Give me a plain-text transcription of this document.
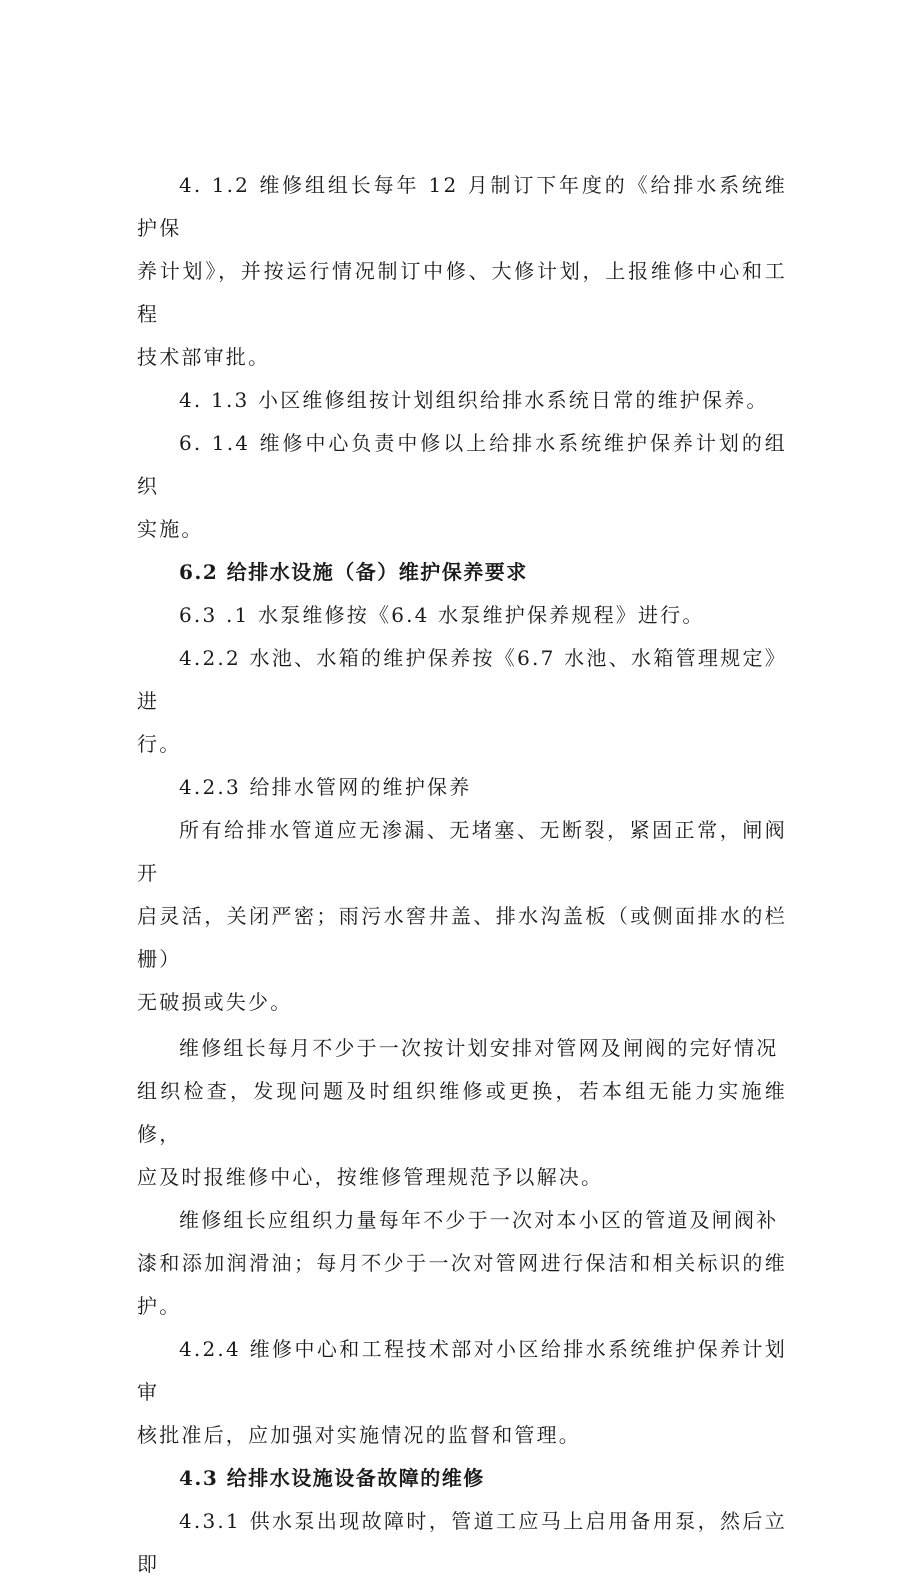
4. 1.2 维修组组长每年 12 月制订下年度的《给排水系统维护保
养计划》，并按运行情况制订中修、大修计划，上报维修中心和工程
技术部审批。

4. 1.3 小区维修组按计划组织给排水系统日常的维护保养。

6. 1.4 维修中心负责中修以上给排水系统维护保养计划的组织
实施。

6.2 给排水设施（备）维护保养要求

6.3 .1 水泵维修按《6.4 水泵维护保养规程》进行。

4.2.2 水池、水箱的维护保养按《6.7 水池、水箱管理规定》进
行。

4.2.3 给排水管网的维护保养

所有给排水管道应无渗漏、无堵塞、无断裂，紧固正常，闸阀开
启灵活，关闭严密；雨污水窖井盖、排水沟盖板（或侧面排水的栏栅）
无破损或失少。

维修组长每月不少于一次按计划安排对管网及闸阀的完好情况
组织检查，发现问题及时组织维修或更换，若本组无能力实施维修，
应及时报维修中心，按维修管理规范予以解决。

维修组长应组织力量每年不少于一次对本小区的管道及闸阀补
漆和添加润滑油；每月不少于一次对管网进行保洁和相关标识的维护。

4.2.4 维修中心和工程技术部对小区给排水系统维护保养计划审
核批准后，应加强对实施情况的监督和管理。

4.3 给排水设施设备故障的维修

4.3.1 供水泵出现故障时，管道工应马上启用备用泵，然后立即
